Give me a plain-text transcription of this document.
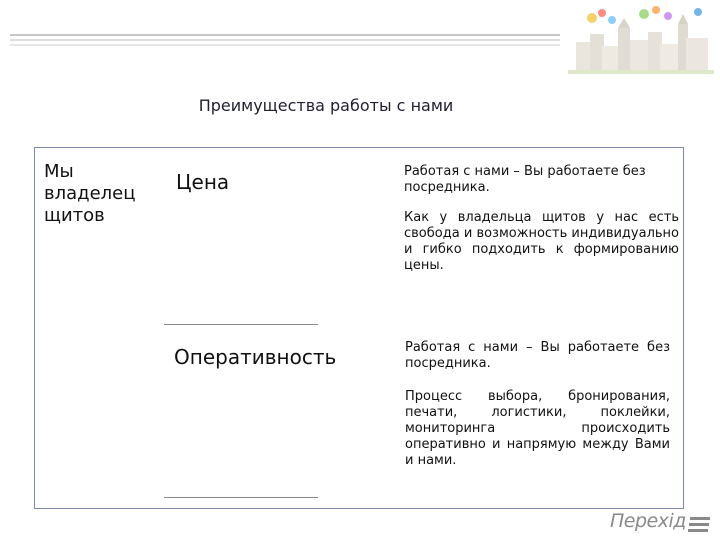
Преимущества работы с нами
Мы
владелец
щитов
Цена
Оперативность
Работая с нами – Вы работаете без посредника.
Как у владельца щитов у нас есть свобода и возможность индивидуально и гибко подходить к формированию цены.
Работая с нами – Вы работаете без посредника.
Процесс выбора, бронирования, печати, логистики, поклейки, мониторинга происходить оперативно и напрямую между Вами и нами.
Перехід
